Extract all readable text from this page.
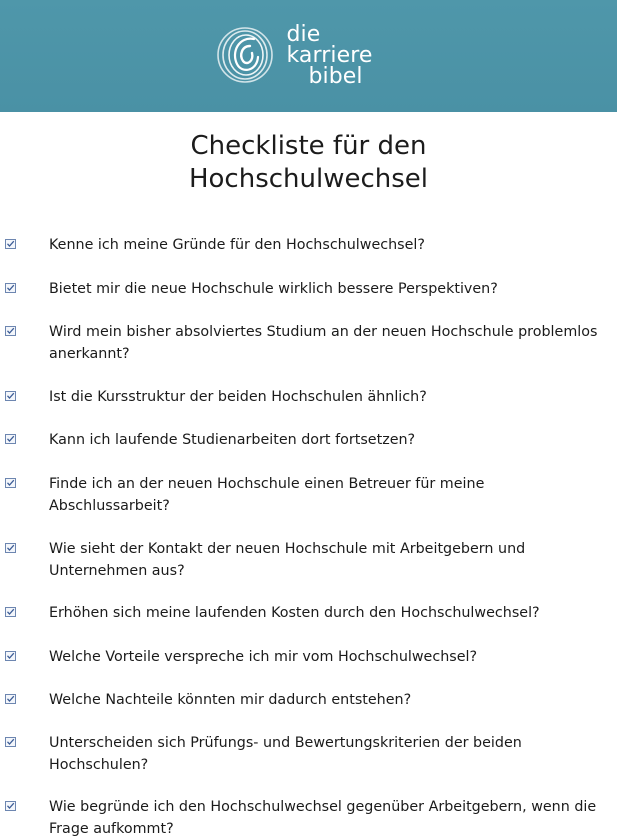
die
karriere
bibel
Checkliste für den
Hochschulwechsel
Kenne ich meine Gründe für den Hochschulwechsel?
Bietet mir die neue Hochschule wirklich bessere Perspektiven?
Wird mein bisher absolviertes Studium an der neuen Hochschule problemlos anerkannt?
Ist die Kursstruktur der beiden Hochschulen ähnlich?
Kann ich laufende Studienarbeiten dort fortsetzen?
Finde ich an der neuen Hochschule einen Betreuer für meine Abschlussarbeit?
Wie sieht der Kontakt der neuen Hochschule mit Arbeitgebern und Unternehmen aus?
Erhöhen sich meine laufenden Kosten durch den Hochschulwechsel?
Welche Vorteile verspreche ich mir vom Hochschulwechsel?
Welche Nachteile könnten mir dadurch entstehen?
Unterscheiden sich Prüfungs- und Bewertungskriterien der beiden Hochschulen?
Wie begründe ich den Hochschulwechsel gegenüber Arbeitgebern, wenn die Frage aufkommt?
